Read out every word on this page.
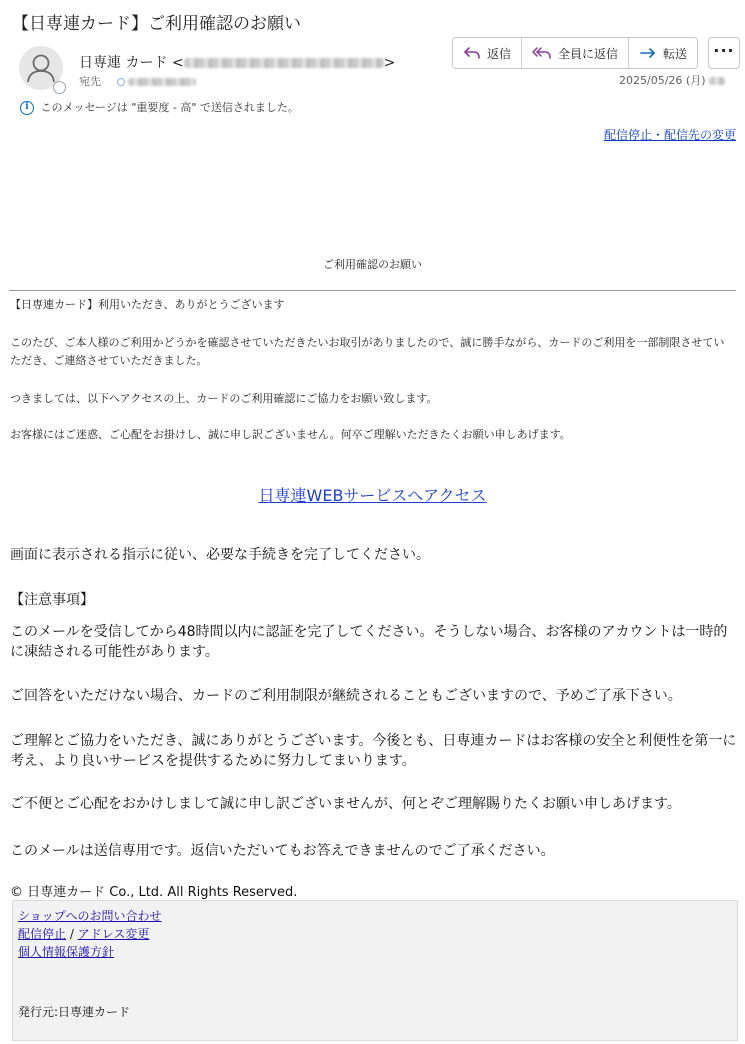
【日専連カード】ご利用確認のお願い
日専連 カード <	>
宛先
i このメッセージは "重要度 - 高" で送信されました。
返信	全員に返信	転送	···
2025/05/26 (月)
配信停止・配信先の変更
ご利用確認のお願い
【日専連カード】利用いただき、ありがとうございます
このたび、ご本人様のご利用かどうかを確認させていただきたいお取引がありましたので、誠に勝手ながら、カードのご利用を一部制限させていただき、ご連絡させていただきました。
つきましては、以下へアクセスの上、カードのご利用確認にご協力をお願い致します。
お客様にはご迷惑、ご心配をお掛けし、誠に申し訳ございません。何卒ご理解いただきたくお願い申しあげます。
日専連WEBサービスへアクセス
画面に表示される指示に従い、必要な手続きを完了してください。
【注意事項】
このメールを受信してから48時間以内に認証を完了してください。そうしない場合、お客様のアカウントは一時的に凍結される可能性があります。
ご回答をいただけない場合、カードのご利用制限が継続されることもございますので、予めご了承下さい。
ご理解とご協力をいただき、誠にありがとうございます。今後とも、日専連カードはお客様の安全と利便性を第一に考え、より良いサービスを提供するために努力してまいります。
ご不便とご心配をおかけしまして誠に申し訳ございませんが、何とぞご理解賜りたくお願い申しあげます。
このメールは送信専用です。返信いただいてもお答えできませんのでご了承ください。
© 日専連カード Co., Ltd. All Rights Reserved.
ショップへのお問い合わせ
配信停止 / アドレス変更
個人情報保護方針
発行元:日専連カード
